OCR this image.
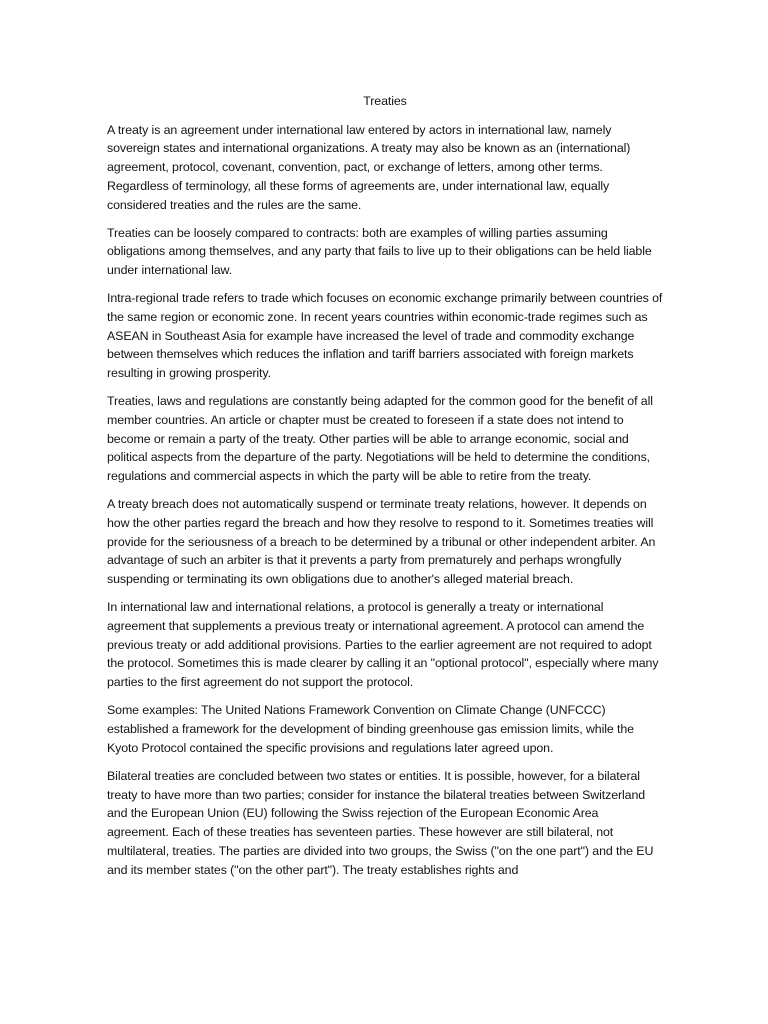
Treaties

A treaty is an agreement under international law entered by actors in international law, namely sovereign states and international organizations. A treaty may also be known as an (international) agreement, protocol, covenant, convention, pact, or exchange of letters, among other terms. Regardless of terminology, all these forms of agreements are, under international law, equally considered treaties and the rules are the same.

Treaties can be loosely compared to contracts: both are examples of willing parties assuming obligations among themselves, and any party that fails to live up to their obligations can be held liable under international law.

Intra-regional trade refers to trade which focuses on economic exchange primarily between countries of the same region or economic zone. In recent years countries within economic-trade regimes such as ASEAN in Southeast Asia for example have increased the level of trade and commodity exchange between themselves which reduces the inflation and tariff barriers associated with foreign markets resulting in growing prosperity.

Treaties, laws and regulations are constantly being adapted for the common good for the benefit of all member countries. An article or chapter must be created to foreseen if a state does not intend to become or remain a party of the treaty. Other parties will be able to arrange economic, social and political aspects from the departure of the party. Negotiations will be held to determine the conditions, regulations and commercial aspects in which the party will be able to retire from the treaty.

A treaty breach does not automatically suspend or terminate treaty relations, however. It depends on how the other parties regard the breach and how they resolve to respond to it. Sometimes treaties will provide for the seriousness of a breach to be determined by a tribunal or other independent arbiter. An advantage of such an arbiter is that it prevents a party from prematurely and perhaps wrongfully suspending or terminating its own obligations due to another's alleged material breach.

In international law and international relations, a protocol is generally a treaty or international agreement that supplements a previous treaty or international agreement. A protocol can amend the previous treaty or add additional provisions. Parties to the earlier agreement are not required to adopt the protocol. Sometimes this is made clearer by calling it an "optional protocol", especially where many parties to the first agreement do not support the protocol.

Some examples: The United Nations Framework Convention on Climate Change (UNFCCC) established a framework for the development of binding greenhouse gas emission limits, while the Kyoto Protocol contained the specific provisions and regulations later agreed upon.

Bilateral treaties are concluded between two states or entities. It is possible, however, for a bilateral treaty to have more than two parties; consider for instance the bilateral treaties between Switzerland and the European Union (EU) following the Swiss rejection of the European Economic Area agreement. Each of these treaties has seventeen parties. These however are still bilateral, not multilateral, treaties. The parties are divided into two groups, the Swiss ("on the one part") and the EU and its member states ("on the other part"). The treaty establishes rights and
